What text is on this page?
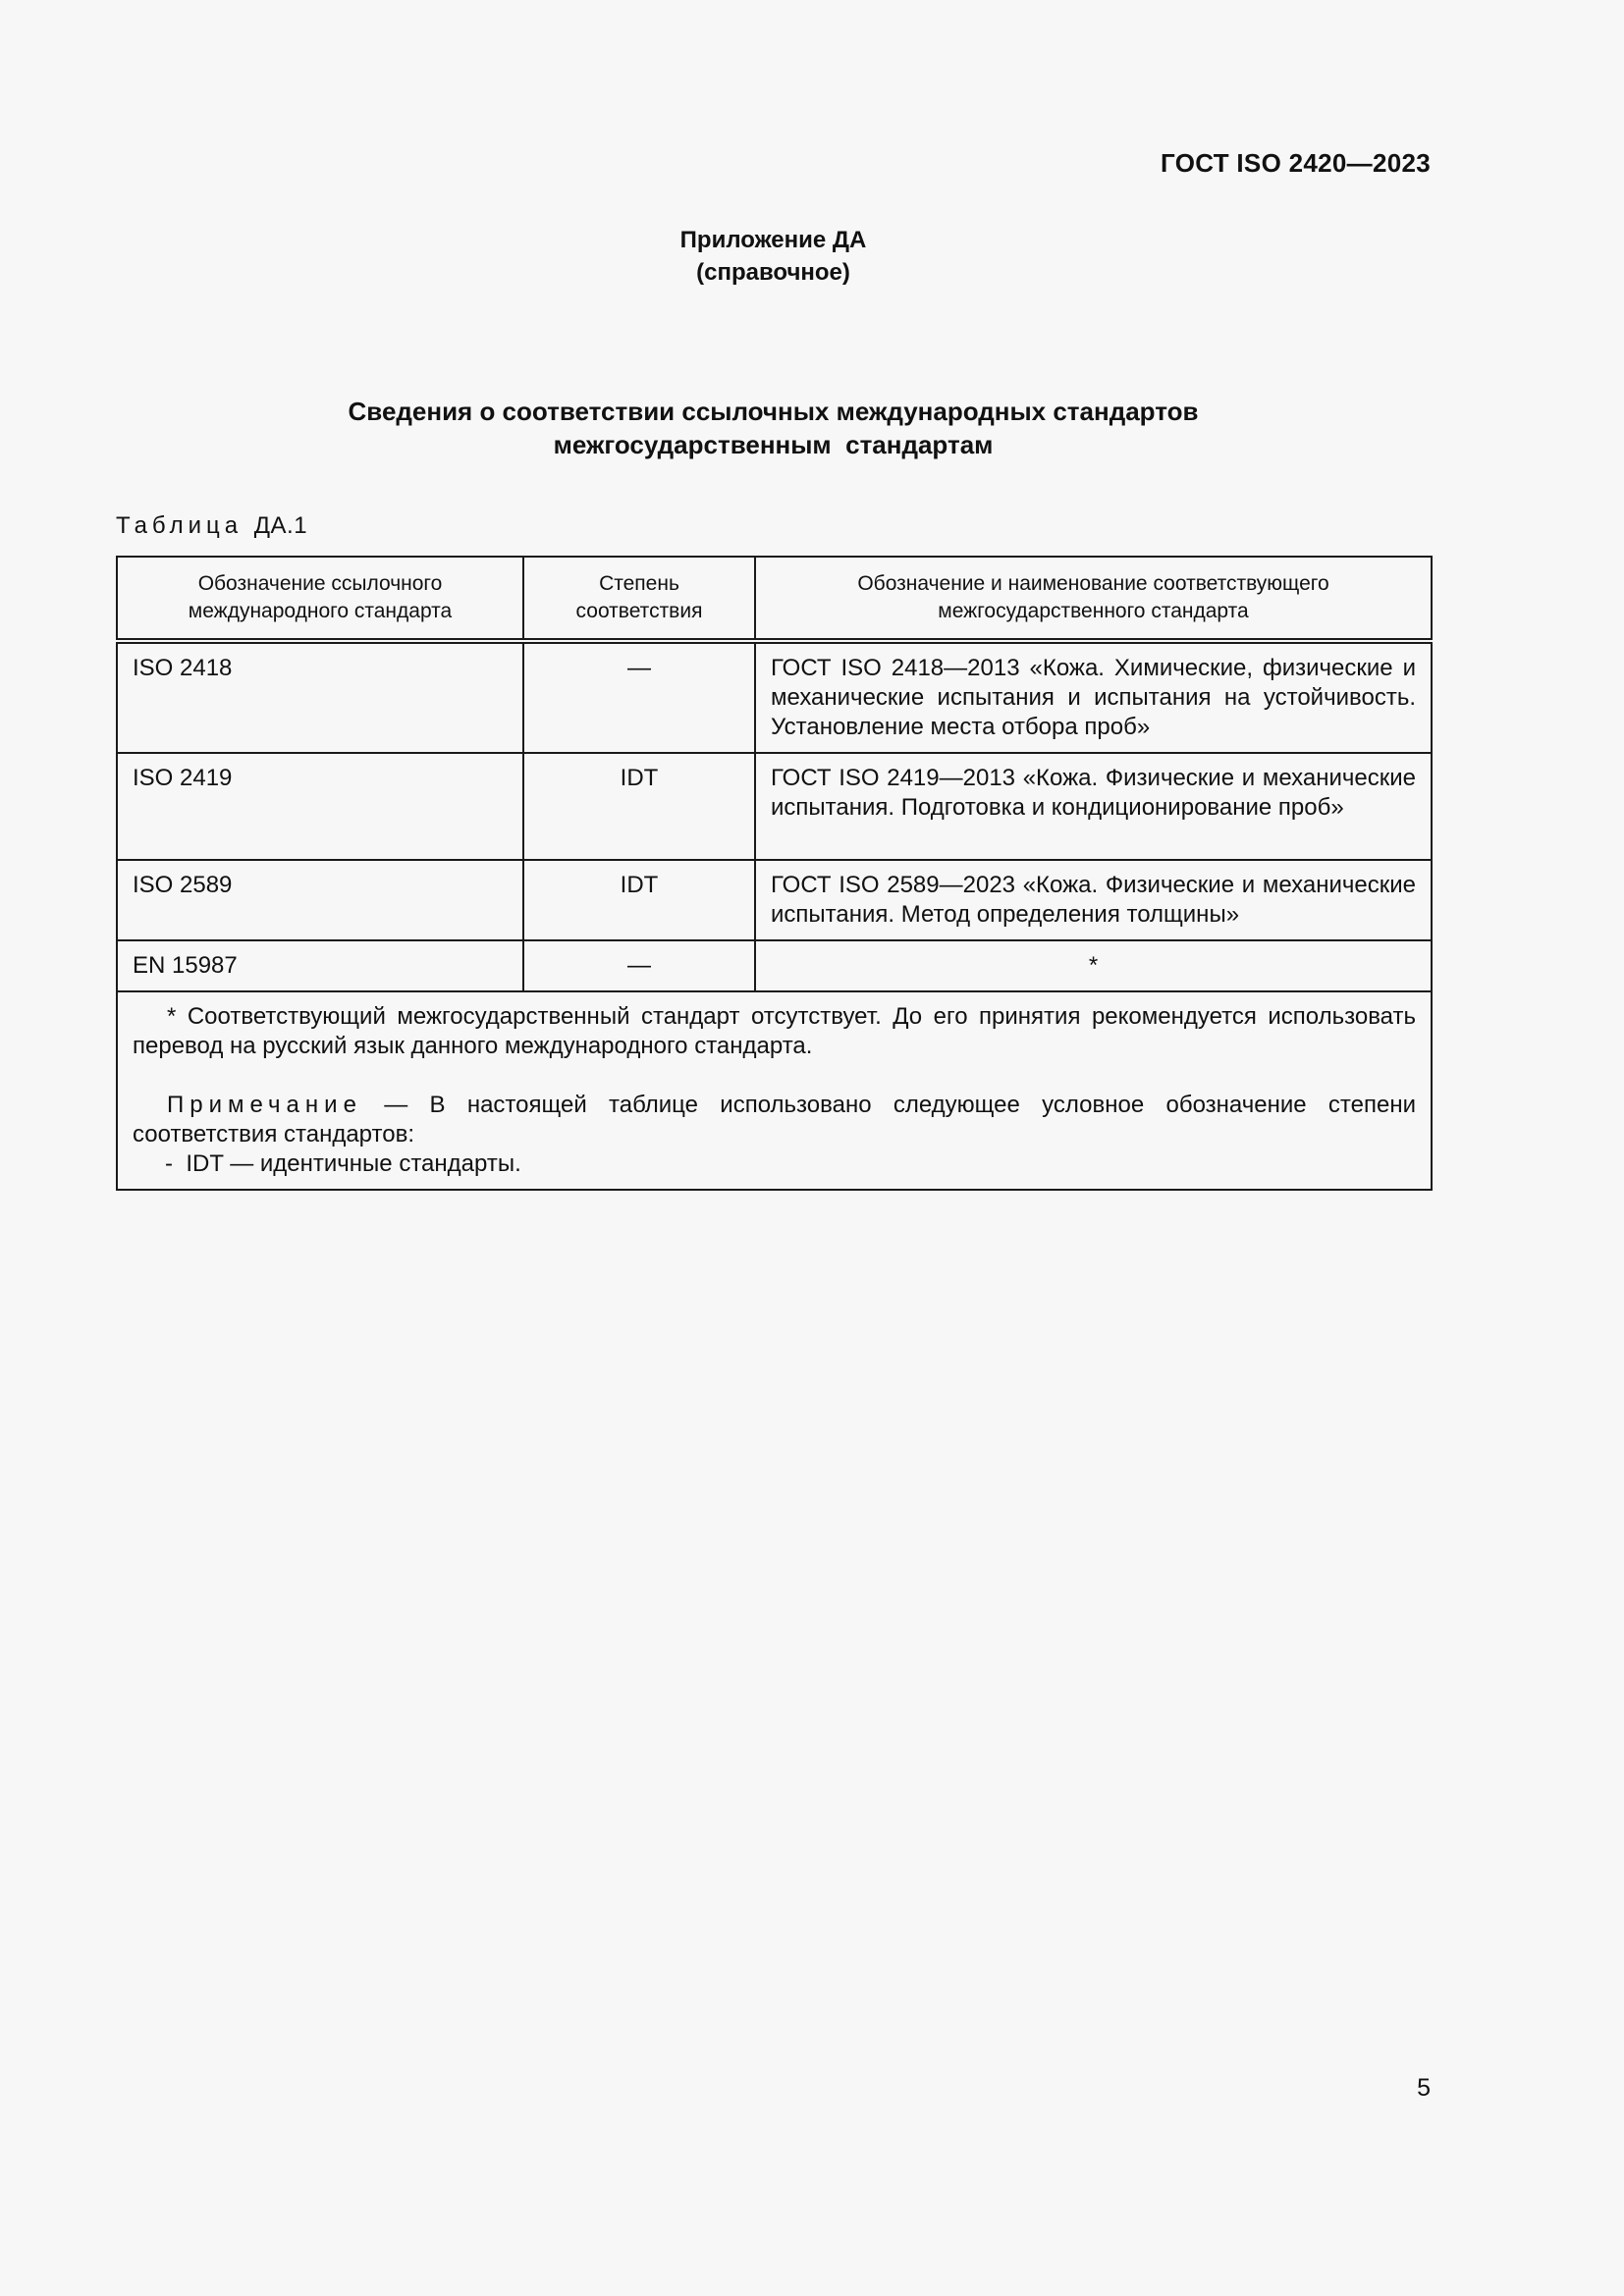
ГОСТ ISO 2420—2023
Приложение ДА
(справочное)
Сведения о соответствии ссылочных международных стандартов
межгосударственным  стандартам
Таблица ДА.1
Обозначение ссылочного международного стандарта	Степень соответствия	Обозначение и наименование соответствующего межгосударственного стандарта
ISO 2418	—	ГОСТ ISO 2418—2013 «Кожа. Химические, физические и механические испытания и испытания на устойчивость. Установление места отбора проб»
ISO 2419	IDT	ГОСТ ISO 2419—2013 «Кожа. Физические и механические испытания. Подготовка и кондиционирование проб»
ISO 2589	IDT	ГОСТ ISO 2589—2023 «Кожа. Физические и механические испытания. Метод определения толщины»
EN 15987	—	*

* Соответствующий межгосударственный стандарт отсутствует. До его принятия рекомендуется использовать перевод на русский язык данного международного стандарта.

Примечание — В настоящей таблице использовано следующее условное обозначение степени соответствия стандартов:

-  IDT — идентичные стандарты.		

5
